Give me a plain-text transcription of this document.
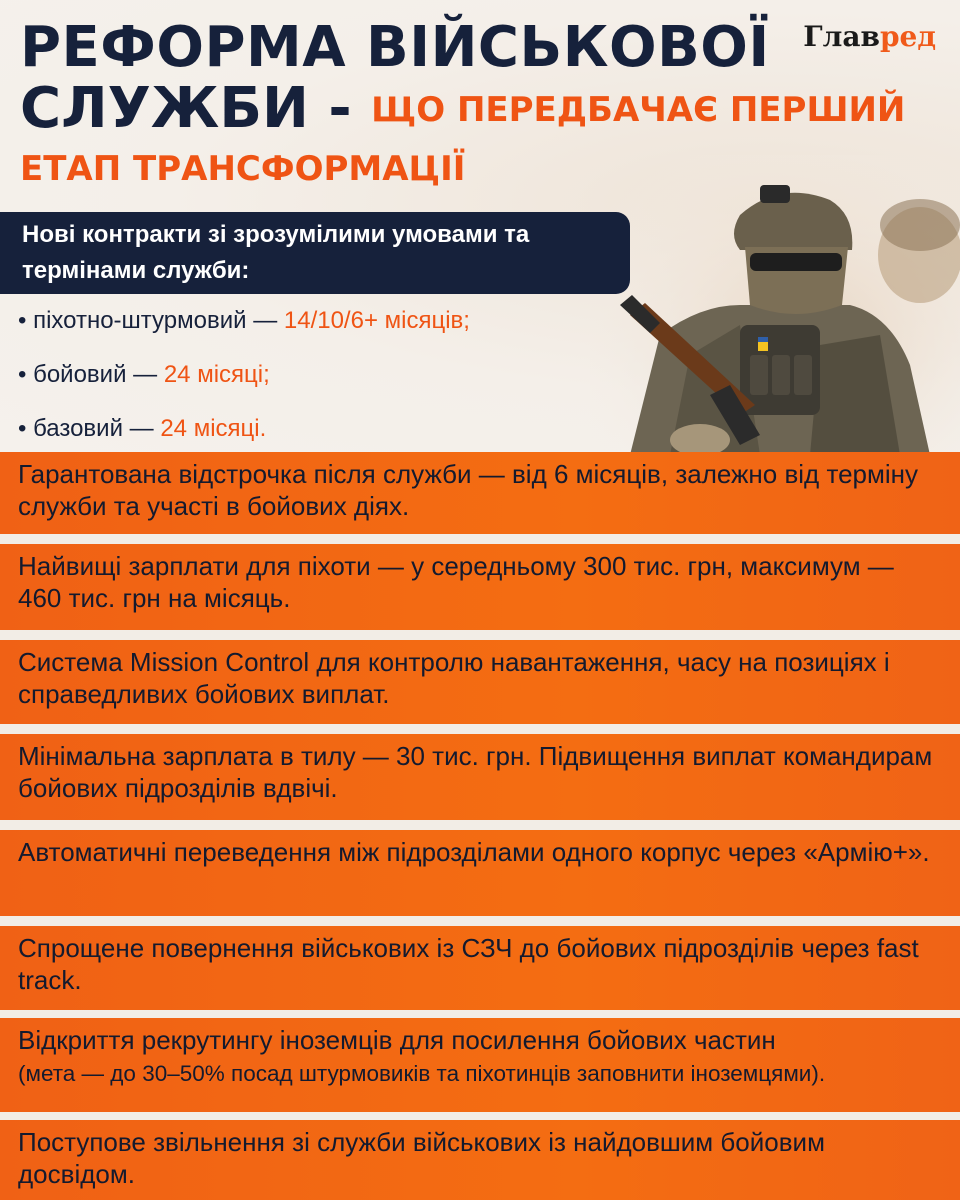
РЕФОРМА ВІЙСЬКОВОЇ
СЛУЖБИ - ЩО ПЕРЕДБАЧАЄ ПЕРШИЙ
ЕТАП ТРАНСФОРМАЦІЇ
Главред
Нові контракти зі зрозумілими умовами та термінами служби:
• піхотно-штурмовий — 14/10/6+ місяців;
• бойовий — 24 місяці;
• базовий — 24 місяці.
Гарантована відстрочка після служби — від 6 місяців, залежно від терміну служби та участі в бойових діях.
Найвищі зарплати для піхоти — у середньому 300 тис. грн, максимум — 460 тис. грн на місяць.
Система Mission Control для контролю навантаження, часу на позиціях і справедливих бойових виплат.
Мінімальна зарплата в тилу — 30 тис. грн. Підвищення виплат командирам бойових підрозділів вдвічі.
Автоматичні переведення між підрозділами одного корпус через «Армію+».
Спрощене повернення військових із СЗЧ до бойових підрозділів через fast track.
Відкриття рекрутингу іноземців для посилення бойових частин
(мета — до 30–50% посад штурмовиків та піхотинців заповнити іноземцями).
Поступове звільнення зі служби військових із найдовшим бойовим досвідом.
